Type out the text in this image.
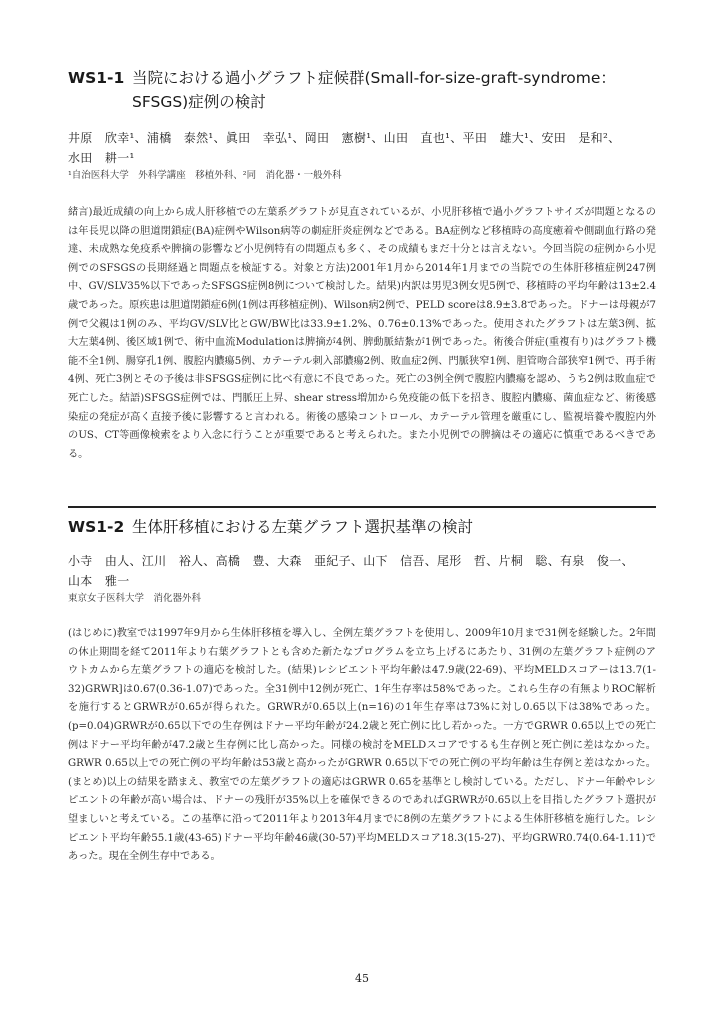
WS1-1 当院における過小グラフト症候群(Small-for-size-graft-syndrome：
SFSGS)症例の検討
井原　欣幸¹、浦橋　泰然¹、眞田　幸弘¹、岡田　憲樹¹、山田　直也¹、平田　雄大¹、安田　是和²、
水田　耕一¹
¹自治医科大学　外科学講座　移植外科、²同　消化器・一般外科

緒言)最近成績の向上から成人肝移植での左葉系グラフトが見直されているが、小児肝移植で過小グラフトサイズが問題となるのは年長児以降の胆道閉鎖症(BA)症例やWilson病等の劇症肝炎症例などである。BA症例など移植時の高度癒着や側副血行路の発達、未成熟な免疫系や脾摘の影響など小児例特有の問題点も多く、その成績もまだ十分とは言えない。今回当院の症例から小児例でのSFSGSの長期経過と問題点を検証する。対象と方法)2001年1月から2014年1月までの当院での生体肝移植症例247例中、GV/SLV35%以下であったSFSGS症例8例について検討した。結果)内訳は男児3例女児5例で、移植時の平均年齢は13±2.4歳であった。原疾患は胆道閉鎖症6例(1例は再移植症例)、Wilson病2例で、PELD scoreは8.9±3.8であった。ドナーは母親が7例で父親は1例のみ、平均GV/SLV比とGW/BW比は33.9±1.2%、0.76±0.13%であった。使用されたグラフトは左葉3例、拡大左葉4例、後区域1例で、術中血流Modulationは脾摘が4例、脾動脈結紮が1例であった。術後合併症(重複有り)はグラフト機能不全1例、腸穿孔1例、腹腔内膿瘍5例、カテーテル刺入部膿瘍2例、敗血症2例、門脈狭窄1例、胆管吻合部狭窄1例で、再手術4例、死亡3例とその予後は非SFSGS症例に比べ有意に不良であった。死亡の3例全例で腹腔内膿瘍を認め、うち2例は敗血症で死亡した。結語)SFSGS症例では、門脈圧上昇、shear stress増加から免疫能の低下を招き、腹腔内膿瘍、菌血症など、術後感染症の発症が高く直接予後に影響すると言われる。術後の感染コントロール、カテーテル管理を厳重にし、監視培養や腹腔内外のUS、CT等画像検索をより入念に行うことが重要であると考えられた。また小児例での脾摘はその適応に慎重であるべきである。

WS1-2 生体肝移植における左葉グラフト選択基準の検討
小寺　由人、江川　裕人、高橋　豊、大森　亜紀子、山下　信吾、尾形　哲、片桐　聡、有泉　俊一、
山本　雅一
東京女子医科大学　消化器外科

(はじめに)教室では1997年9月から生体肝移植を導入し、全例左葉グラフトを使用し、2009年10月まで31例を経験した。2年間の休止期間を経て2011年より右葉グラフトとも含めた新たなプログラムを立ち上げるにあたり、31例の左葉グラフト症例のアウトカムから左葉グラフトの適応を検討した。(結果)レシピエント平均年齢は47.9歳(22-69)、平均MELDスコアーは13.7(1-32)GRWR]は0.67(0.36-1.07)であった。全31例中12例が死亡、1年生存率は58%であった。これら生存の有無よりROC解析を施行するとGRWRが0.65が得られた。GRWRが0.65以上(n=16)の1年生存率は73%に対し0.65以下は38%であった。(p=0.04)GRWRが0.65以下での生存例はドナー平均年齢が24.2歳と死亡例に比し若かった。一方でGRWR 0.65以上での死亡例はドナー平均年齢が47.2歳と生存例に比し高かった。同様の検討をMELDスコアでするも生存例と死亡例に差はなかった。GRWR 0.65以上での死亡例の平均年齢は53歳と高かったがGRWR 0.65以下での死亡例の平均年齢は生存例と差はなかった。(まとめ)以上の結果を踏まえ、教室での左葉グラフトの適応はGRWR 0.65を基準とし検討している。ただし、ドナー年齢やレシピエントの年齢が高い場合は、ドナーの残肝が35%以上を確保できるのであればGRWRが0.65以上を目指したグラフト選択が望ましいと考えている。この基準に沿って2011年より2013年4月までに8例の左葉グラフトによる生体肝移植を施行した。レシピエント平均年齢55.1歳(43-65)ドナー平均年齢46歳(30-57)平均MELDスコア18.3(15-27)、平均GRWR0.74(0.64-1.11)であった。現在全例生存中である。

45
